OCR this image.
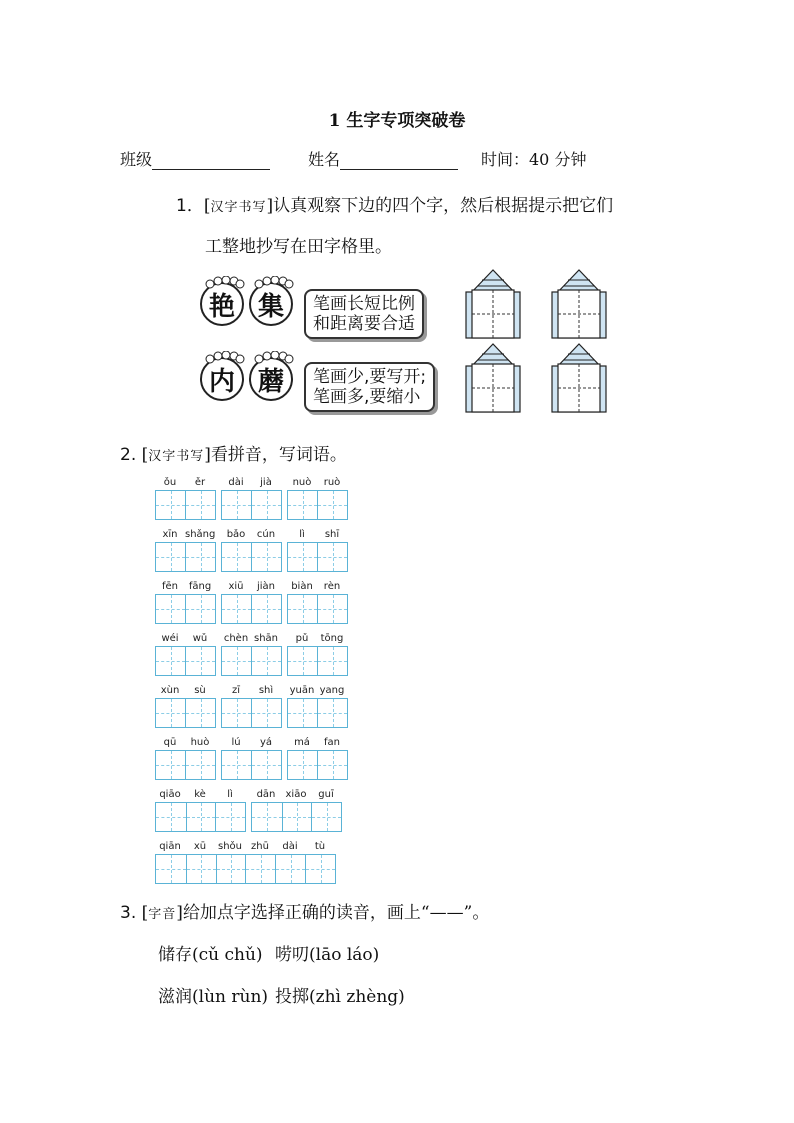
1 生字专项突破卷
班级	姓名	时间：40 分钟
1．[汉字书写]认真观察下边的四个字，然后根据提示把它们
工整地抄写在田字格里。
艳 集
内 蘑
笔画长短比例
和距离要合适
笔画少,要写开;
笔画多,要缩小
2. [汉字书写]看拼音，写词语。
ǒu	ěr	dài	jià	nuò	ruò
xīn shǎng	bǎo	cún	lì	shī
fēn	fāng	xiū	jiàn	biàn	rèn
wéi	wǔ	chèn shān	pǔ	tōng
xùn	sù	zī	shì	yuān yang
qū	huò	lú	yá	má	fan
qiāo	kè	lì	dān	xiāo	guī
qiān	xū	shǒu zhū	dài	tù
3. [字音]给加点字选择正确的读音，画上“——”。
储存(cǔ chǔ) 唠叨(lāo láo)
滋润(lùn rùn) 投掷(zhì zhèng)
